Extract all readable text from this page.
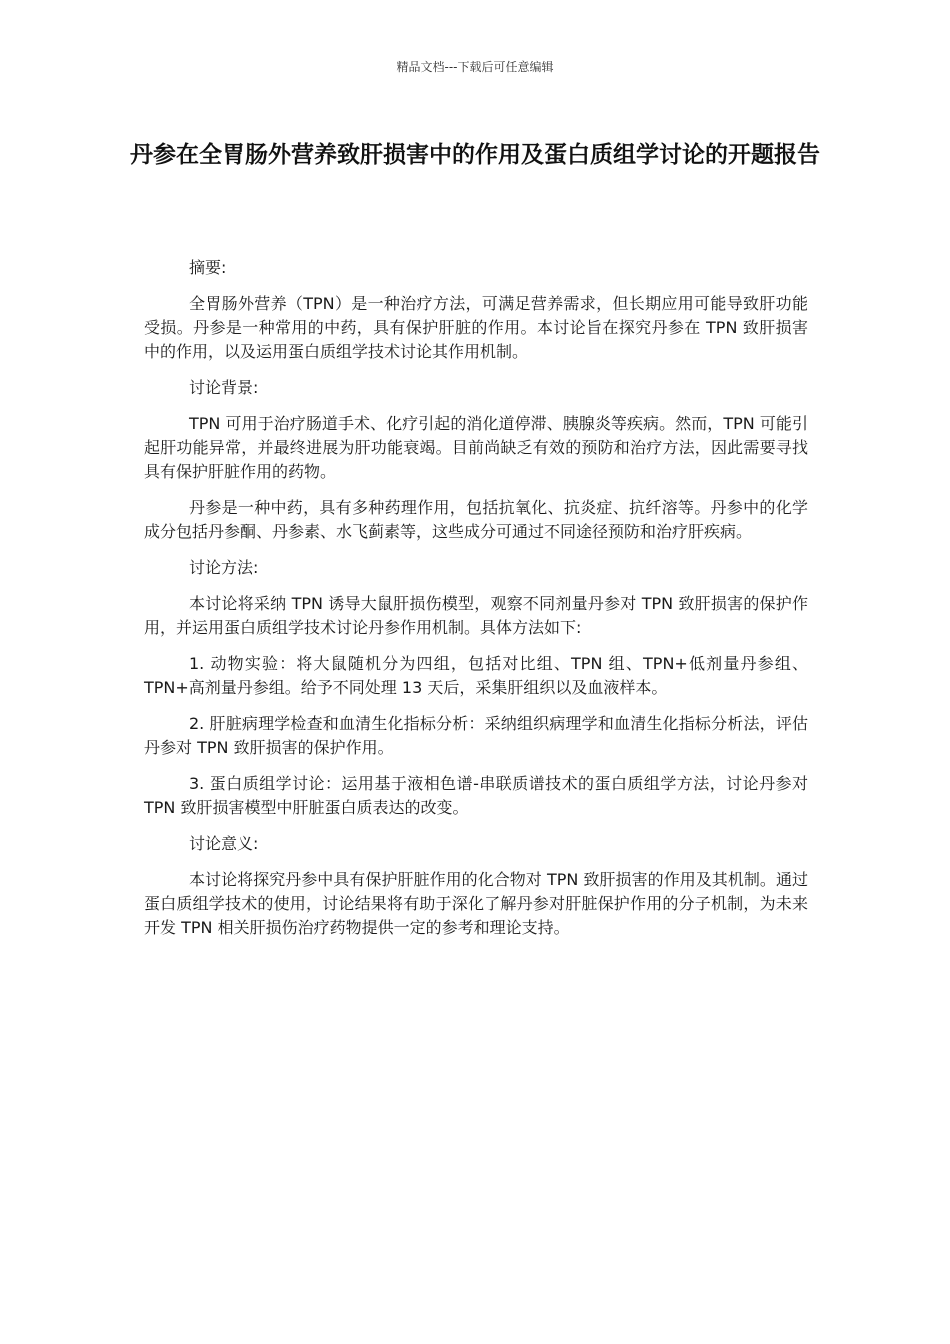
精品文档---下载后可任意编辑
丹参在全胃肠外营养致肝损害中的作用及蛋白质组学讨论的开题报告

摘要:

全胃肠外营养（TPN）是一种治疗方法，可满足营养需求，但长期应用可能导致肝功能受损。丹参是一种常用的中药，具有保护肝脏的作用。本讨论旨在探究丹参在 TPN 致肝损害中的作用，以及运用蛋白质组学技术讨论其作用机制。

讨论背景:

TPN 可用于治疗肠道手术、化疗引起的消化道停滞、胰腺炎等疾病。然而，TPN 可能引起肝功能异常，并最终进展为肝功能衰竭。目前尚缺乏有效的预防和治疗方法，因此需要寻找具有保护肝脏作用的药物。

丹参是一种中药，具有多种药理作用，包括抗氧化、抗炎症、抗纤溶等。丹参中的化学成分包括丹参酮、丹参素、水飞蓟素等，这些成分可通过不同途径预防和治疗肝疾病。

讨论方法:

本讨论将采纳 TPN 诱导大鼠肝损伤模型，观察不同剂量丹参对 TPN 致肝损害的保护作用，并运用蛋白质组学技术讨论丹参作用机制。具体方法如下:

1. 动物实验：将大鼠随机分为四组，包括对比组、TPN 组、TPN+低剂量丹参组、TPN+高剂量丹参组。给予不同处理 13 天后，采集肝组织以及血液样本。

2. 肝脏病理学检查和血清生化指标分析：采纳组织病理学和血清生化指标分析法，评估丹参对 TPN 致肝损害的保护作用。

3. 蛋白质组学讨论：运用基于液相色谱-串联质谱技术的蛋白质组学方法，讨论丹参对 TPN 致肝损害模型中肝脏蛋白质表达的改变。

讨论意义:

本讨论将探究丹参中具有保护肝脏作用的化合物对 TPN 致肝损害的作用及其机制。通过蛋白质组学技术的使用，讨论结果将有助于深化了解丹参对肝脏保护作用的分子机制，为未来开发 TPN 相关肝损伤治疗药物提供一定的参考和理论支持。
